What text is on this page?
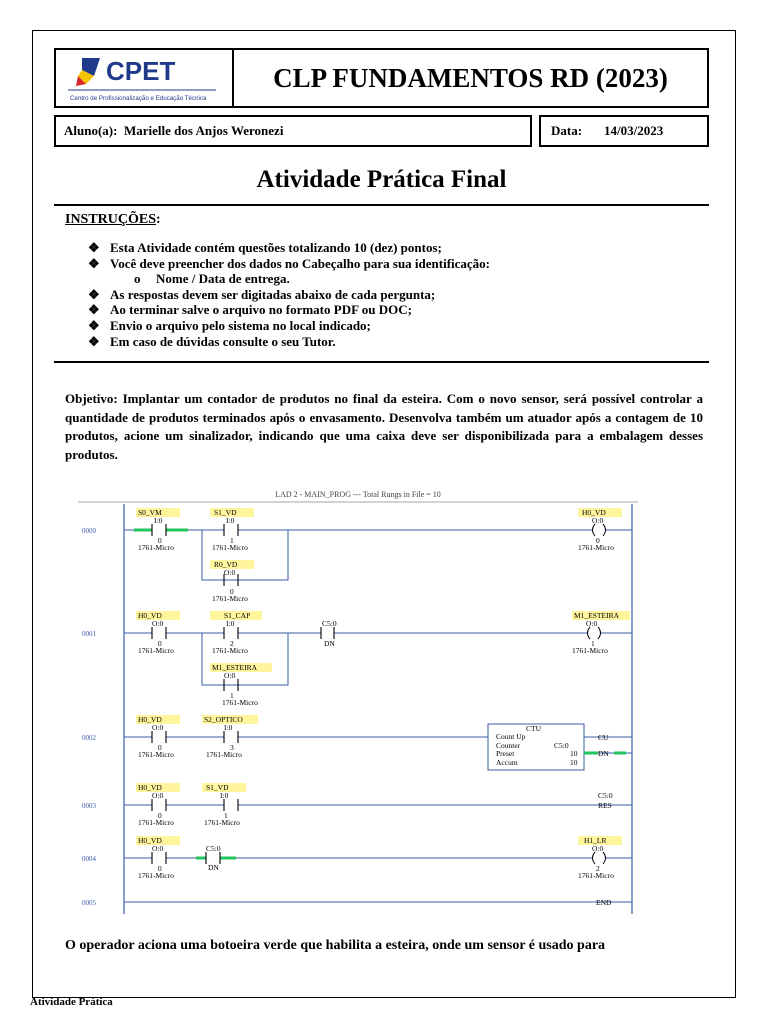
CPET
Centro de Profissionalização e Educação Técnica
CLP FUNDAMENTOS RD (2023)
Aluno(a):
Marielle dos Anjos Weronezi	Data: 14/03/2023
Atividade Prática Final
INSTRUÇÕES:
❖ Esta Atividade contém questões totalizando 10 (dez) pontos;
❖ Você deve preencher dos dados no Cabeçalho para sua identificação:
o	Nome / Data de entrega.
❖ As respostas devem ser digitadas abaixo de cada pergunta;
❖ Ao terminar salve o arquivo no formato PDF ou DOC;
❖ Envio o arquivo pelo sistema no local indicado;
❖ Em caso de dúvidas consulte o seu Tutor.
Objetivo: Implantar um contador de produtos no final da esteira. Com o novo sensor, será possível controlar a quantidade de produtos terminados após o envasamento. Desenvolva também um atuador após a contagem de 10 produtos, acione um sinalizador, indicando que uma caixa deve ser disponibilizada para a embalagem desses produtos.
LAD 2 - MAIN_PROG --- Total Rungs in File = 10
0000
0001
0002
0003
0004
0005
S0_VM
I:0
0
1761-Micro
S1_VD
I:0
1
1761-Micro
H0_VD
O:0
0
1761-Micro
R0_VD
O:0
0
1761-Micro
H0_VD
O:0
0
1761-Micro
S1_CAP
I:0
2
1761-Micro
C5:0
DN
M1_ESTEIRA
O:0
1
1761-Micro
M1_ESTEIRA
O:0
1
1761-Micro
H0_VD
O:0
0
1761-Micro
S2_OPTICO
I:0
3
1761-Micro
CTU
Count Up
Counter	C5:0
Preset	10
Accum	10
CU
DN
H0_VD
O:0
0
1761-Micro
S1_VD
I:0
1
1761-Micro
C5:0
RES
H0_VD
O:0
0
1761-Micro
C5:0
DN
H1_LR
O:0
2
1761-Micro
END
O operador aciona uma botoeira verde que habilita a esteira, onde um sensor é usado para
Atividade Prática
